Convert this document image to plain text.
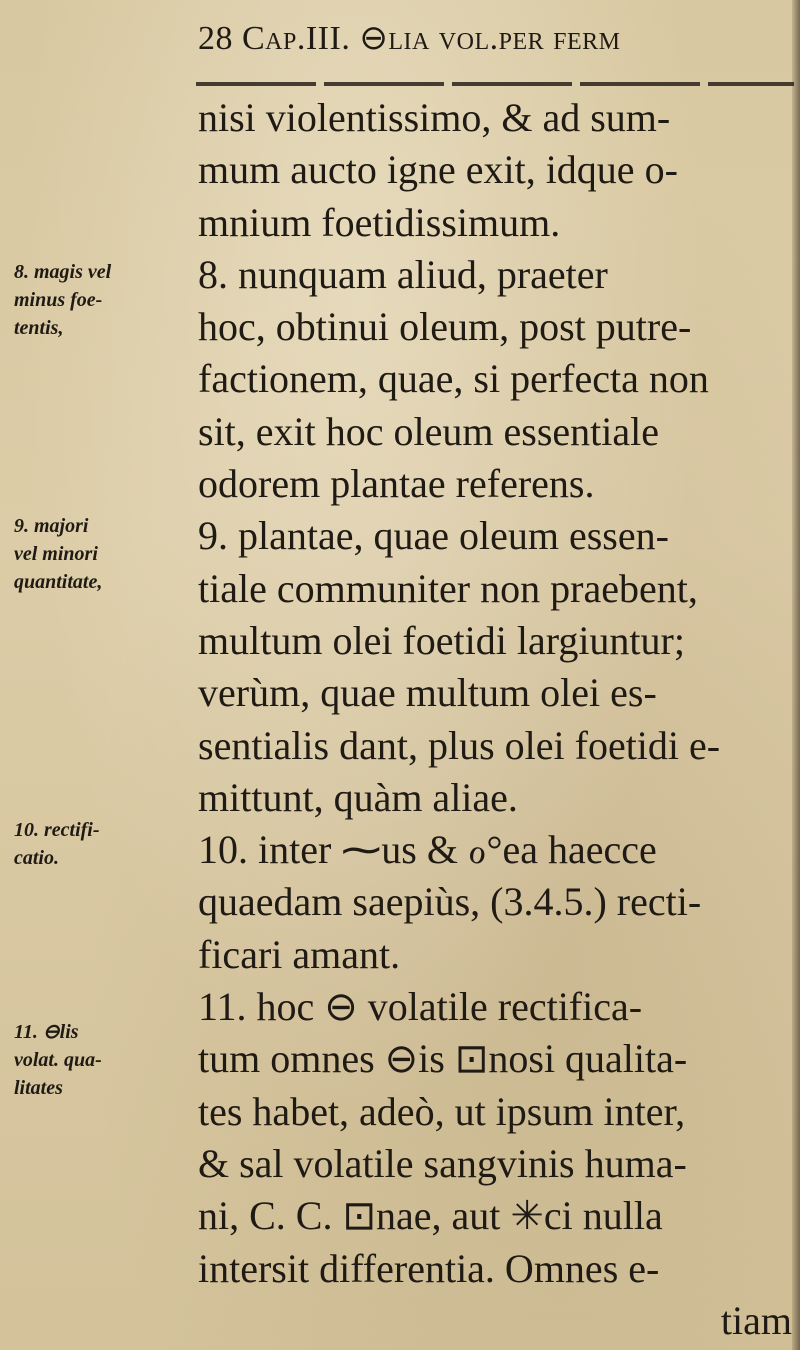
28 Cap.III. ⊖lia vol.per ferm
nisi violentissimo, & ad sum-
mum aucto igne exit, idque o-
mnium foetidissimum.
8. nunquam aliud, praeter
hoc, obtinui oleum, post putre-
factionem, quae, si perfecta non
sit, exit hoc oleum essentiale
odorem plantae referens.
9. plantae, quae oleum essen-
tiale communiter non praebent,
multum olei foetidi largiuntur;
verùm, quae multum olei es-
sentialis dant, plus olei foetidi e-
mittunt, quàm aliae.
10. inter ⁓us & ℴ°ea haecce
quaedam saepiùs, (3.4.5.) recti-
ficari amant.
11. hoc ⊖ volatile rectifica-
tum omnes ⊖is ⊡nosi qualita-
tes habet, adeò, ut ipsum inter,
& sal volatile sangvinis huma-
ni, C. C. ⊡nae, aut ✳ci nulla
intersit differentia. Omnes e-
tiam
8. magis vel
minus foe-
tentis,
9. majori
vel minori
quantitate,
10. rectifi-
catio.
11. ⊖lis
volat. qua-
litates
